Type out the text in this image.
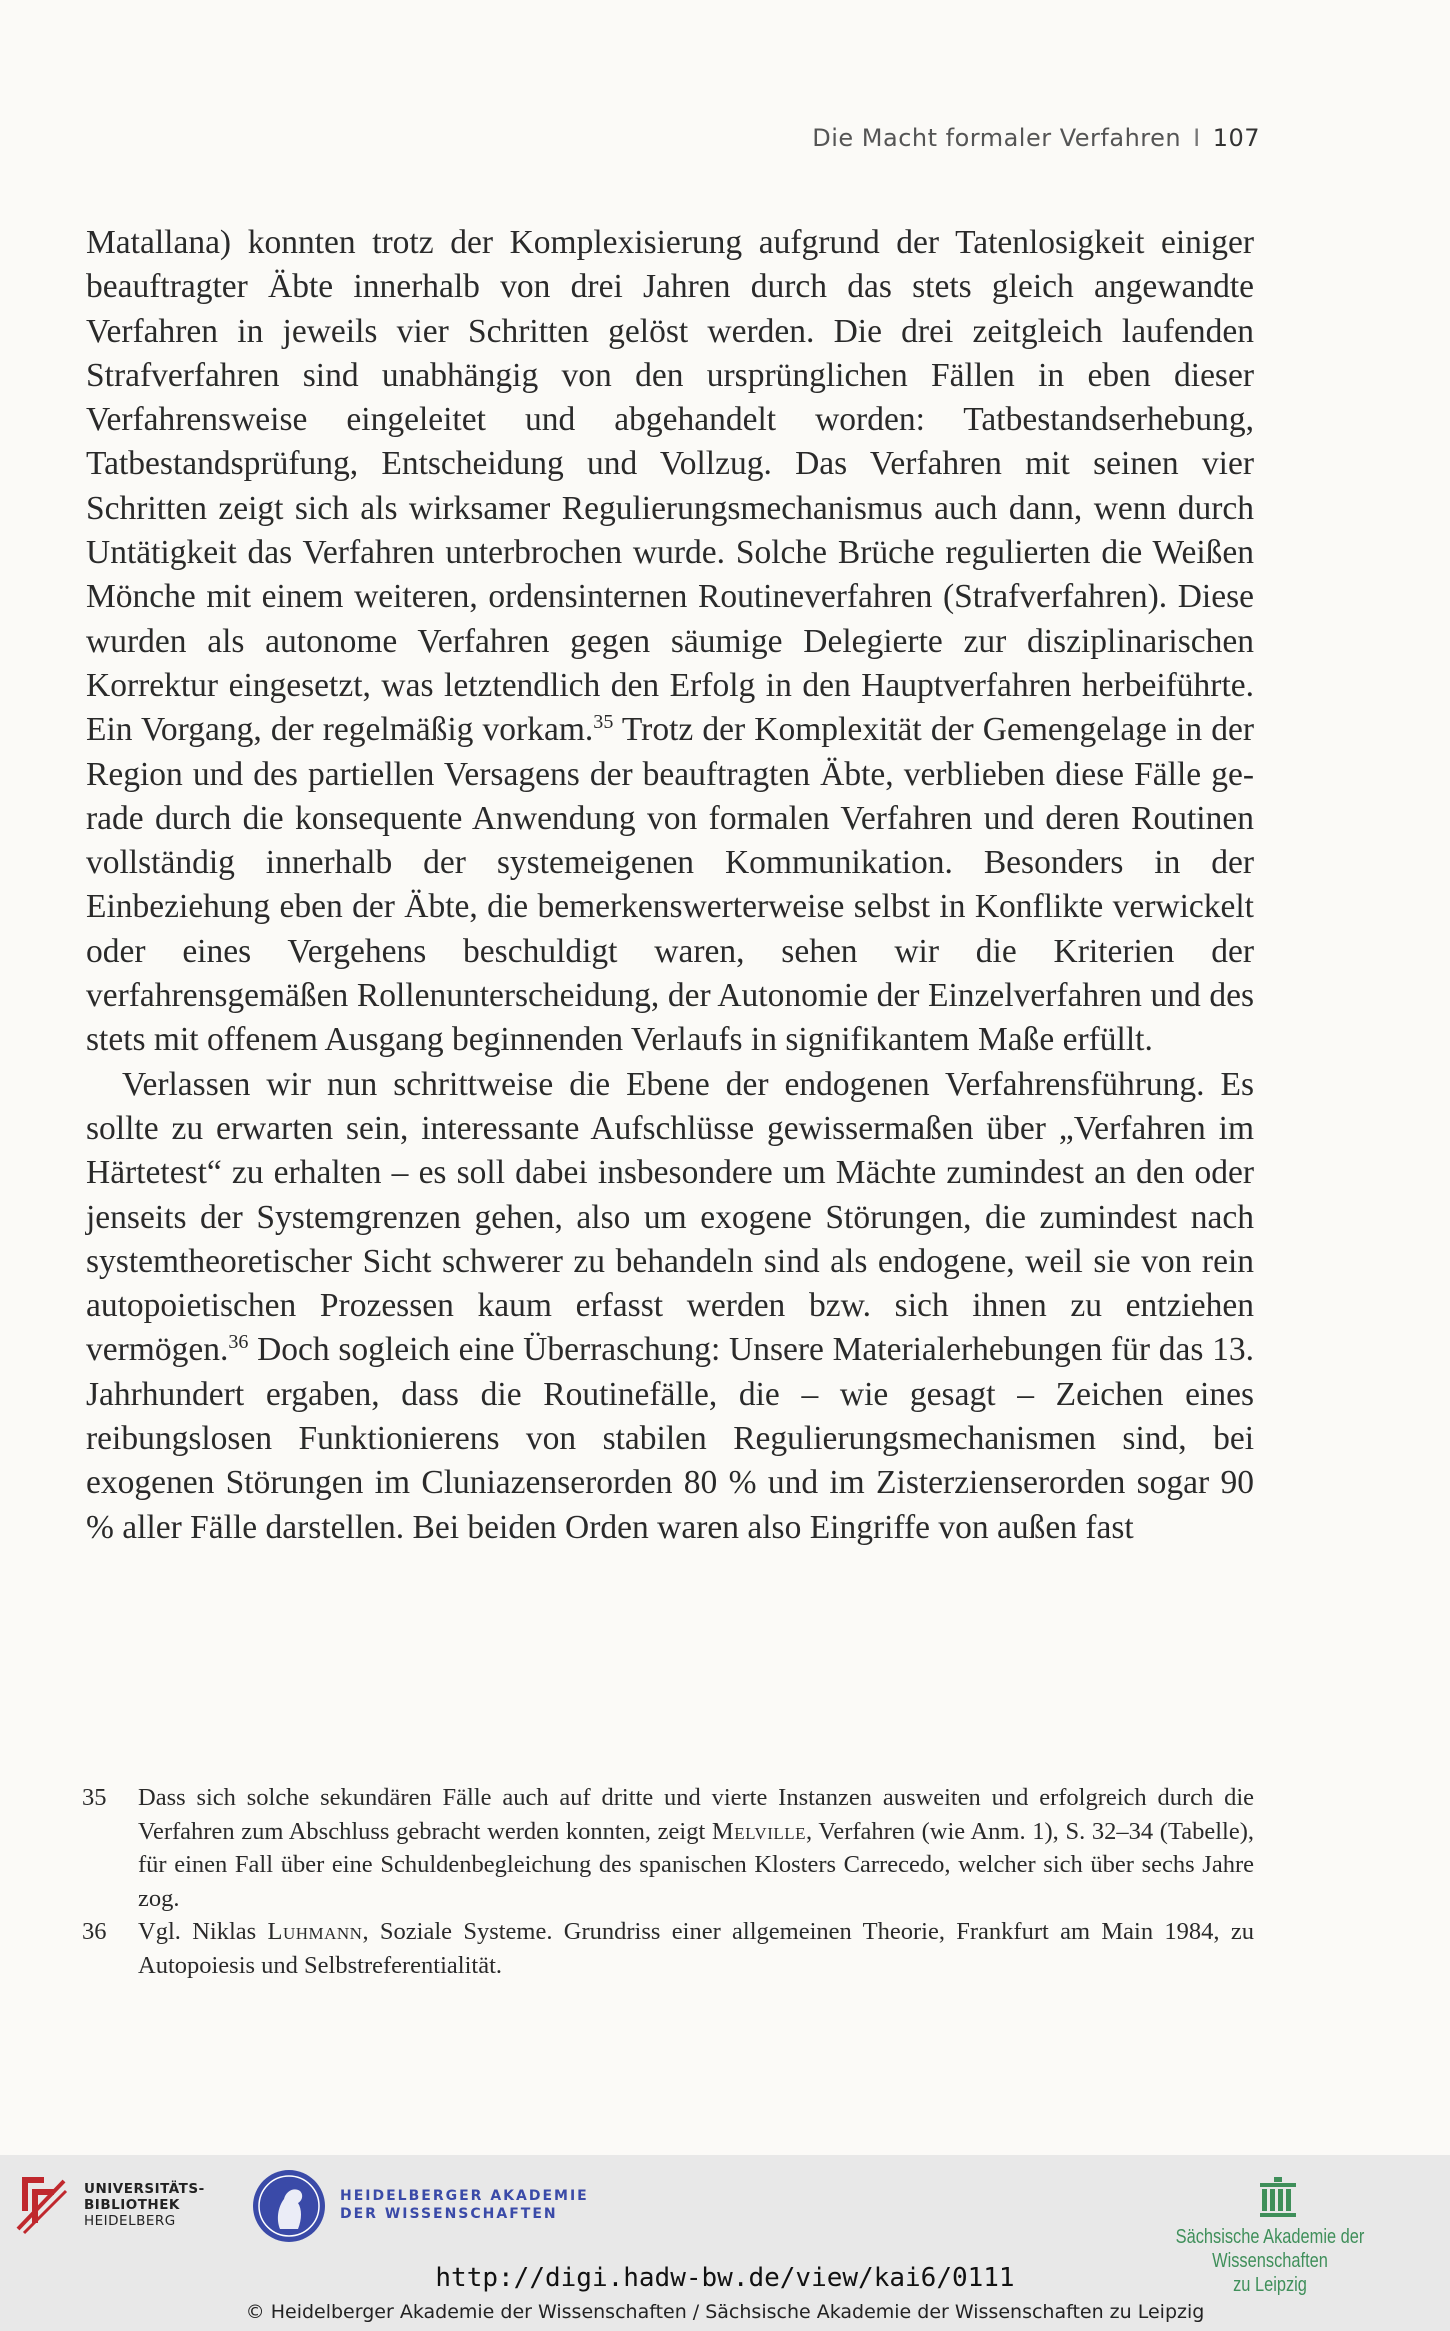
Die Macht formaler Verfahren I 107

Matallana) konnten trotz der Komplexisierung aufgrund der Tatenlosigkeit einiger beauftragter Äbte innerhalb von drei Jahren durch das stets gleich angewandte Verfahren in jeweils vier Schritten gelöst werden. Die drei zeitgleich laufenden Strafverfahren sind unabhängig von den ursprünglichen Fällen in eben dieser Verfahrensweise eingeleitet und abgehandelt worden: Tatbestandserhebung, Tatbestandsprüfung, Entscheidung und Vollzug. Das Verfahren mit seinen vier Schritten zeigt sich als wirksamer Regulierungsmechanismus auch dann, wenn durch Untätigkeit das Verfahren unterbrochen wurde. Solche Brüche regulierten die Weißen Mönche mit einem weiteren, ordensinternen Routineverfahren (Strafverfahren). Diese wurden als autonome Verfahren gegen säumige Delegierte zur disziplinarischen Korrektur eingesetzt, was letztendlich den Erfolg in den Hauptverfahren herbeiführte. Ein Vorgang, der regelmäßig vorkam.$^{35}$ Trotz der Komplexität der Gemengelage in der Region und des partiellen Versagens der beauftragten Äbte, verblieben diese Fälle gerade durch die konsequente Anwendung von formalen Verfahren und deren Routinen vollständig innerhalb der systemeigenen Kommunikation. Besonders in der Einbeziehung eben der Äbte, die bemerkenswerterweise selbst in Konflikte verwickelt oder eines Vergehens beschuldigt waren, sehen wir die Kriterien der verfahrensgemäßen Rollenunterscheidung, der Autonomie der Einzelverfahren und des stets mit offenem Ausgang beginnenden Verlaufs in signifikantem Maße erfüllt.

Verlassen wir nun schrittweise die Ebene der endogenen Verfahrensführung. Es sollte zu erwarten sein, interessante Aufschlüsse gewissermaßen über „Verfahren im Härtetest“ zu erhalten – es soll dabei insbesondere um Mächte zumindest an den oder jenseits der Systemgrenzen gehen, also um exogene Störungen, die zumindest nach systemtheoretischer Sicht schwerer zu behandeln sind als endogene, weil sie von rein autopoietischen Prozessen kaum erfasst werden bzw. sich ihnen zu entziehen vermögen.$^{36}$ Doch sogleich eine Überraschung: Unsere Materialerhebungen für das 13. Jahrhundert ergaben, dass die Routinefälle, die – wie gesagt – Zeichen eines reibungslosen Funktionierens von stabilen Regulierungsmechanismen sind, bei exogenen Störungen im Cluniazenserorden 80 % und im Zisterzienserorden sogar 90 % aller Fälle darstellen. Bei beiden Orden waren also Eingriffe von außen fast

35	Dass sich solche sekundären Fälle auch auf dritte und vierte Instanzen ausweiten und erfolgreich durch die Verfahren zum Abschluss gebracht werden konnten, zeigt Melville, Verfahren (wie Anm. 1), S. 32–34 (Tabelle), für einen Fall über eine Schuldenbegleichung des spanischen Klosters Carrecedo, welcher sich über sechs Jahre zog.
36	Vgl. Niklas Luhmann, Soziale Systeme. Grundriss einer allgemeinen Theorie, Frankfurt am Main 1984, zu Autopoiesis und Selbstreferentialität.
UNIVERSITÄTS-
BIBLIOTHEK
HEIDELBERG
HEIDELBERGER AKADEMIE
DER WISSENSCHAFTEN
Sächsische Akademie der Wissenschaften
zu Leipzig
http://digi.hadw-bw.de/view/kai6/0111
© Heidelberger Akademie der Wissenschaften / Sächsische Akademie der Wissenschaften zu Leipzig
